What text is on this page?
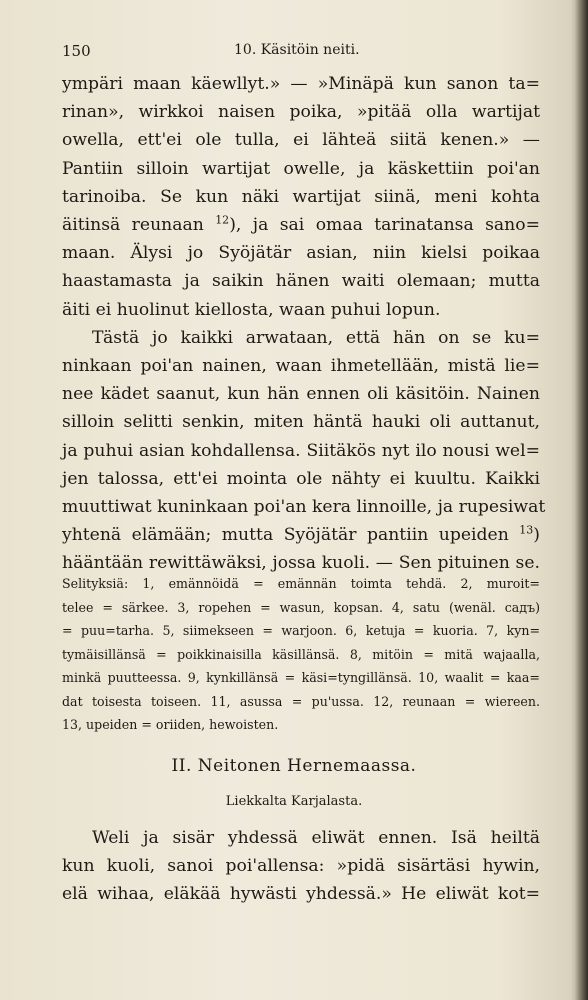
150	10. Käsitöin neiti.

ympäri maan käewllyt.» — »Minäpä kun sanon ta=
rinan», wirkkoi naisen poika, »pitää olla wartijat
owella, ett'ei ole tulla, ei lähteä siitä kenen.» —
Pantiin silloin wartijat owelle, ja käskettiin poi'an
tarinoiba. Se kun näki wartijat siinä, meni kohta
äitinsä reunaan $^{12}$), ja sai omaa tarinatansa sano=
maan. Älysi jo Syöjätär asian, niin kielsi poikaa
haastamasta ja saikin hänen waiti olemaan; mutta
äiti ei huolinut kiellosta, waan puhui lopun.

Tästä jo kaikki arwataan, että hän on se ku=
ninkaan poi'an nainen, waan ihmetellään, mistä lie=
nee kädet saanut, kun hän ennen oli käsitöin. Nainen
silloin selitti senkin, miten häntä hauki oli auttanut,
ja puhui asian kohdallensa. Siitäkös nyt ilo nousi wel=
jen talossa, ett'ei mointa ole nähty ei kuultu. Kaikki
muuttiwat kuninkaan poi'an kera linnoille, ja rupesiwat
yhtenä elämään; mutta Syöjätär pantiin upeiden $^{13}$)
hääntään rewittäwäksi, jossa kuoli. — Sen pituinen se.

Selityksiä: 1, emännöidä = emännän toimta tehdä. 2, muroit=
telee = särkee. 3, ropehen = wasun, kopsan. 4, satu (wenäl. cадъ)
= puu=tarha. 5, siimekseen = warjoon. 6, ketuja = kuoria. 7, kyn=
tymäisillänsä = poikkinaisilla käsillänsä. 8, mitöin = mitä wajaalla,
minkä puutteessa. 9, kynkillänsä = käsi=tyngillänsä. 10, waalit = kaa=
dat toisesta toiseen. 11, asussa = pu'ussa. 12, reunaan = wiereen.
13, upeiden = oriiden, hewoisten.
II. Neitonen Hernemaassa.
Liekkalta Karjalasta.
Weli ja sisär yhdessä eliwät ennen. Isä heiltä
kun kuoli, sanoi poi'allensa: »pidä sisärtäsi hywin,
elä wihaa, eläkää hywästi yhdessä.» He eliwät kot=
